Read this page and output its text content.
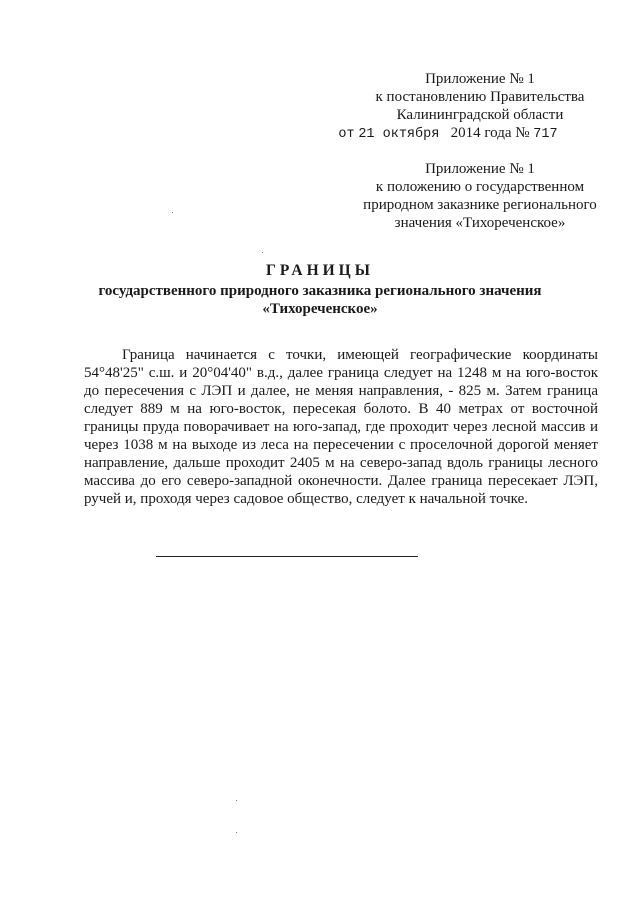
Приложение № 1
к постановлению Правительства
Калининградской области
от 21 октября 2014 года № 717
Приложение № 1
к положению о государственном
природном заказнике регионального
значения «Тихореченское»
ГРАНИЦЫ
государственного природного заказника регионального значения
«Тихореченское»
Граница начинается с точки, имеющей географические координаты 54°48'25" с.ш. и 20°04'40" в.д., далее граница следует на 1248 м на юго-восток до пересечения с ЛЭП и далее, не меняя направления, - 825 м. Затем граница следует 889 м на юго-восток, пересекая болото. В 40 метрах от восточной границы пруда поворачивает на юго-запад, где проходит через лесной массив и через 1038 м на выходе из леса на пересечении с проселочной дорогой меняет направление, дальше проходит 2405 м на северо-запад вдоль границы лесного массива до его северо-западной оконечности. Далее граница пересекает ЛЭП, ручей и, проходя через садовое общество, следует к начальной точке.
